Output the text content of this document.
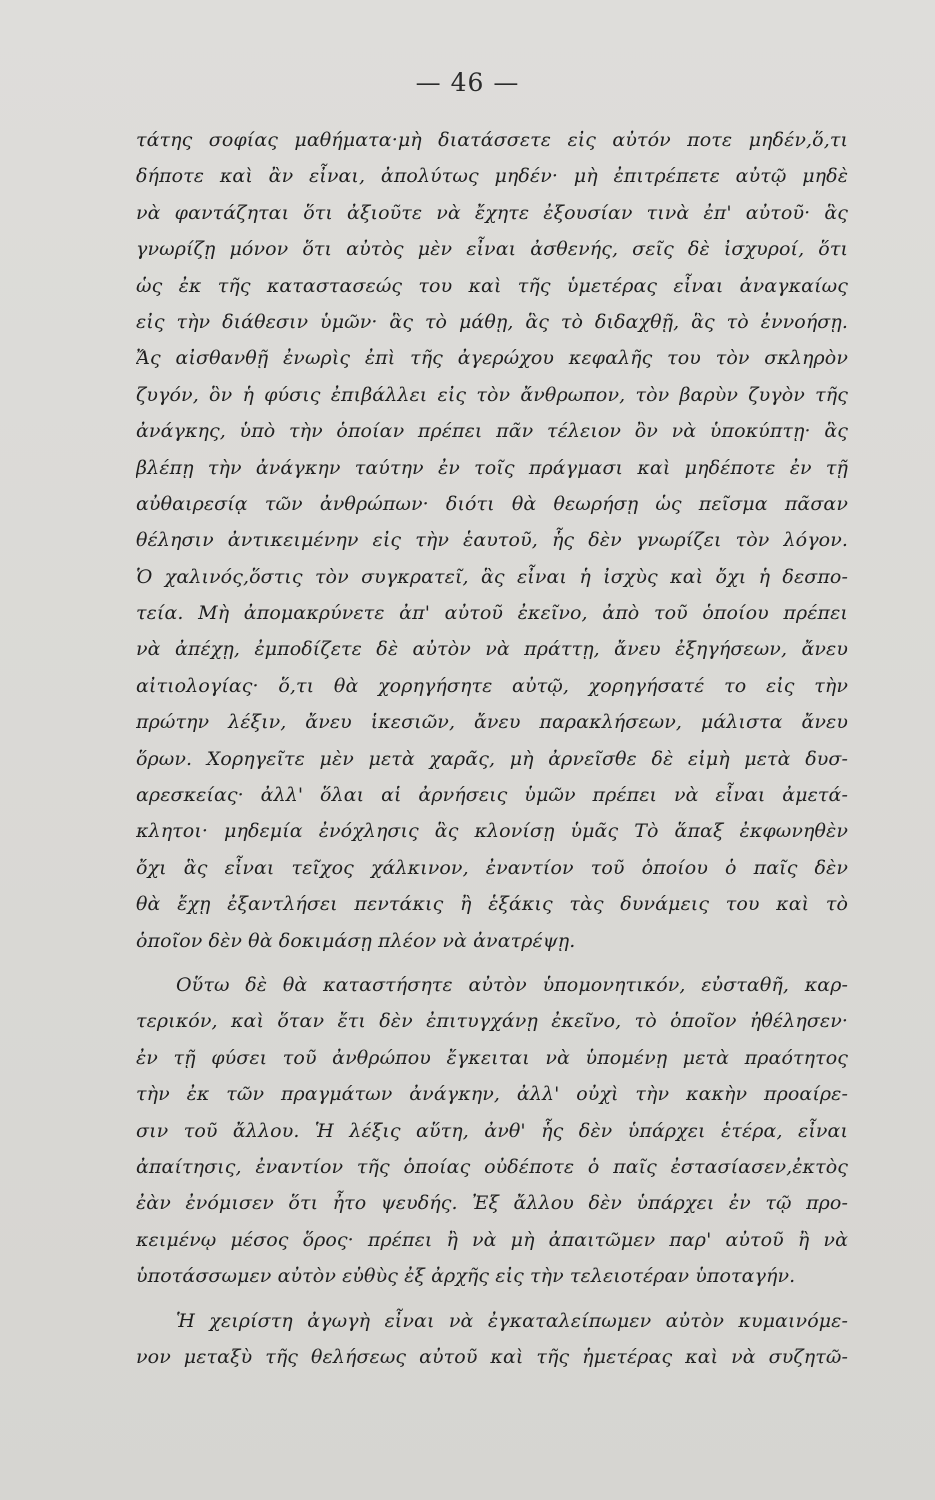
— 46 —
τάτης σοφίας μαθήματα·μὴ διατάσσετε εἰς αὐτόν ποτε μηδέν,ὅ,τι
δήποτε καὶ ἂν εἶναι, ἀπολύτως μηδέν· μὴ ἐπιτρέπετε αὐτῷ μηδὲ
νὰ φαντάζηται ὅτι ἀξιοῦτε νὰ ἔχητε ἐξουσίαν τινὰ ἐπ' αὐτοῦ· ἃς
γνωρίζῃ μόνον ὅτι αὐτὸς μὲν εἶναι ἀσθενής, σεῖς δὲ ἰσχυροί, ὅτι
ὡς ἐκ τῆς καταστασεώς του καὶ τῆς ὑμετέρας εἶναι ἀναγκαίως
εἰς τὴν διάθεσιν ὑμῶν· ἃς τὸ μάθῃ, ἃς τὸ διδαχθῇ, ἃς τὸ ἐννοήσῃ.
Ἄς αἰσθανθῇ ἐνωρὶς ἐπὶ τῆς ἀγερώχου κεφαλῆς του τὸν σκληρὸν
ζυγόν, ὃν ἡ φύσις ἐπιβάλλει εἰς τὸν ἄνθρωπον, τὸν βαρὺν ζυγὸν τῆς
ἀνάγκης, ὑπὸ τὴν ὁποίαν πρέπει πᾶν τέλειον ὂν νὰ ὑποκύπτῃ· ἃς
βλέπῃ τὴν ἀνάγκην ταύτην ἐν τοῖς πράγμασι καὶ μηδέποτε ἐν τῇ
αὐθαιρεσίᾳ τῶν ἀνθρώπων· διότι θὰ θεωρήσῃ ὡς πεῖσμα πᾶσαν
θέλησιν ἀντικειμένην εἰς τὴν ἑαυτοῦ, ἧς δὲν γνωρίζει τὸν λόγον.
Ὁ χαλινός,ὅστις τὸν συγκρατεῖ, ἃς εἶναι ἡ ἰσχὺς καὶ ὄχι ἡ δεσπο-
τεία. Μὴ ἀπομακρύνετε ἀπ' αὐτοῦ ἐκεῖνο, ἀπὸ τοῦ ὁποίου πρέπει
νὰ ἀπέχῃ, ἐμποδίζετε δὲ αὐτὸν νὰ πράττῃ, ἄνευ ἐξηγήσεων, ἄνευ
αἰτιολογίας· ὅ,τι θὰ χορηγήσητε αὐτῷ, χορηγήσατέ το εἰς τὴν
πρώτην λέξιν, ἄνευ ἱκεσιῶν, ἄνευ παρακλήσεων, μάλιστα ἄνευ
ὅρων. Χορηγεῖτε μὲν μετὰ χαρᾶς, μὴ ἀρνεῖσθε δὲ εἰμὴ μετὰ δυσ-
αρεσκείας· ἀλλ' ὅλαι αἱ ἀρνήσεις ὑμῶν πρέπει νὰ εἶναι ἀμετά-
κλητοι· μηδεμία ἐνόχλησις ἃς κλονίσῃ ὑμᾶς Τὸ ἅπαξ ἐκφωνηθὲν
ὄχι ἃς εἶναι τεῖχος χάλκινον, ἐναντίον τοῦ ὁποίου ὁ παῖς δὲν
θὰ ἔχῃ ἐξαντλήσει πεντάκις ἢ ἑξάκις τὰς δυνάμεις του καὶ τὸ
ὁποῖον δὲν θὰ δοκιμάσῃ πλέον νὰ ἀνατρέψῃ.
Οὕτω δὲ θὰ καταστήσητε αὐτὸν ὑπομονητικόν, εὐσταθῆ, καρ-
τερικόν, καὶ ὅταν ἔτι δὲν ἐπιτυγχάνῃ ἐκεῖνο, τὸ ὁποῖον ἠθέλησεν·
ἐν τῇ φύσει τοῦ ἀνθρώπου ἔγκειται νὰ ὑπομένῃ μετὰ πραότητος
τὴν ἐκ τῶν πραγμάτων ἀνάγκην, ἀλλ' οὐχὶ τὴν κακὴν προαίρε-
σιν τοῦ ἄλλου. Ἡ λέξις αὕτη, ἀνθ' ἧς δὲν ὑπάρχει ἑτέρα, εἶναι
ἀπαίτησις, ἐναντίον τῆς ὁποίας οὐδέποτε ὁ παῖς ἐστασίασεν,ἐκτὸς
ἐὰν ἐνόμισεν ὅτι ἦτο ψευδής. Ἐξ ἄλλου δὲν ὑπάρχει ἐν τῷ προ-
κειμένῳ μέσος ὅρος· πρέπει ἢ νὰ μὴ ἀπαιτῶμεν παρ' αὐτοῦ ἢ νὰ
ὑποτάσσωμεν αὐτὸν εὐθὺς ἐξ ἀρχῆς εἰς τὴν τελειοτέραν ὑποταγήν.
Ἡ χειρίστη ἀγωγὴ εἶναι νὰ ἐγκαταλείπωμεν αὐτὸν κυμαινόμε-
νον μεταξὺ τῆς θελήσεως αὐτοῦ καὶ τῆς ἡμετέρας καὶ νὰ συζητῶ-
